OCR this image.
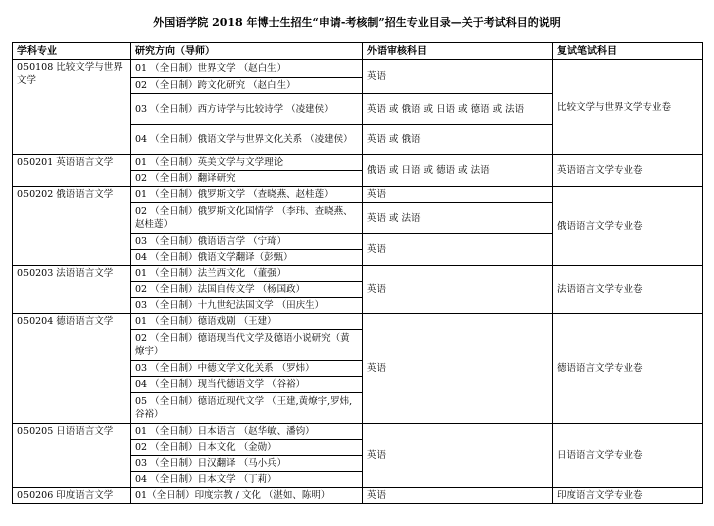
外国语学院 2018 年博士生招生“申请-考核制”招生专业目录—关于考试科目的说明
学科专业	研究方向（导师）	外语审核科目	复试笔试科目
050108 比较文学与世界文学	01 （全日制）世界文学 （赵白生）	英语	比较文学与世界文学专业卷
	02 （全日制）跨文化研究 （赵白生）		
	03 （全日制）西方诗学与比较诗学 （凌建侯）	英语 或 俄语 或 日语 或 德语 或 法语	
	04 （全日制）俄语文学与世界文化关系 （凌建侯）	英语 或 俄语	
050201 英语语言文学	01 （全日制）英美文学与文学理论	俄语 或 日语 或 德语 或 法语	英语语言文学专业卷
	02 （全日制）翻译研究		
050202 俄语语言文学	01 （全日制）俄罗斯文学 （查晓燕、赵桂莲）	英语	俄语语言文学专业卷
	02 （全日制）俄罗斯文化国情学 （李玮、查晓燕、赵桂莲）	英语 或 法语	
	03 （全日制）俄语语言学 （宁琦）	英语	
	04 （全日制）俄语文学翻译（彭甄）		
050203 法语语言文学	01 （全日制）法兰西文化 （董强）	英语	法语语言文学专业卷
	02 （全日制）法国自传文学 （杨国政）		
	03 （全日制）十九世纪法国文学 （田庆生）		
050204 德语语言文学	01 （全日制）德语戏剧 （王建）	英语	德语语言文学专业卷
	02 （全日制）德语现当代文学及德语小说研究（黄燎宇）		
	03 （全日制）中德文学文化关系 （罗炜）		
	04 （全日制）现当代德语文学 （谷裕）		
	05 （全日制）德语近现代文学 （王建,黄燎宇,罗炜,谷裕）		
050205 日语语言文学	01 （全日制）日本语言 （赵华敏、潘钧）	英语	日语语言文学专业卷
	02 （全日制）日本文化 （金勋）		
	03 （全日制）日汉翻译 （马小兵）		
	04 （全日制）日本文学 （丁莉）		
050206 印度语言文学	01（全日制）印度宗教 / 文化 （湛如、陈明）	英语	印度语言文学专业卷
